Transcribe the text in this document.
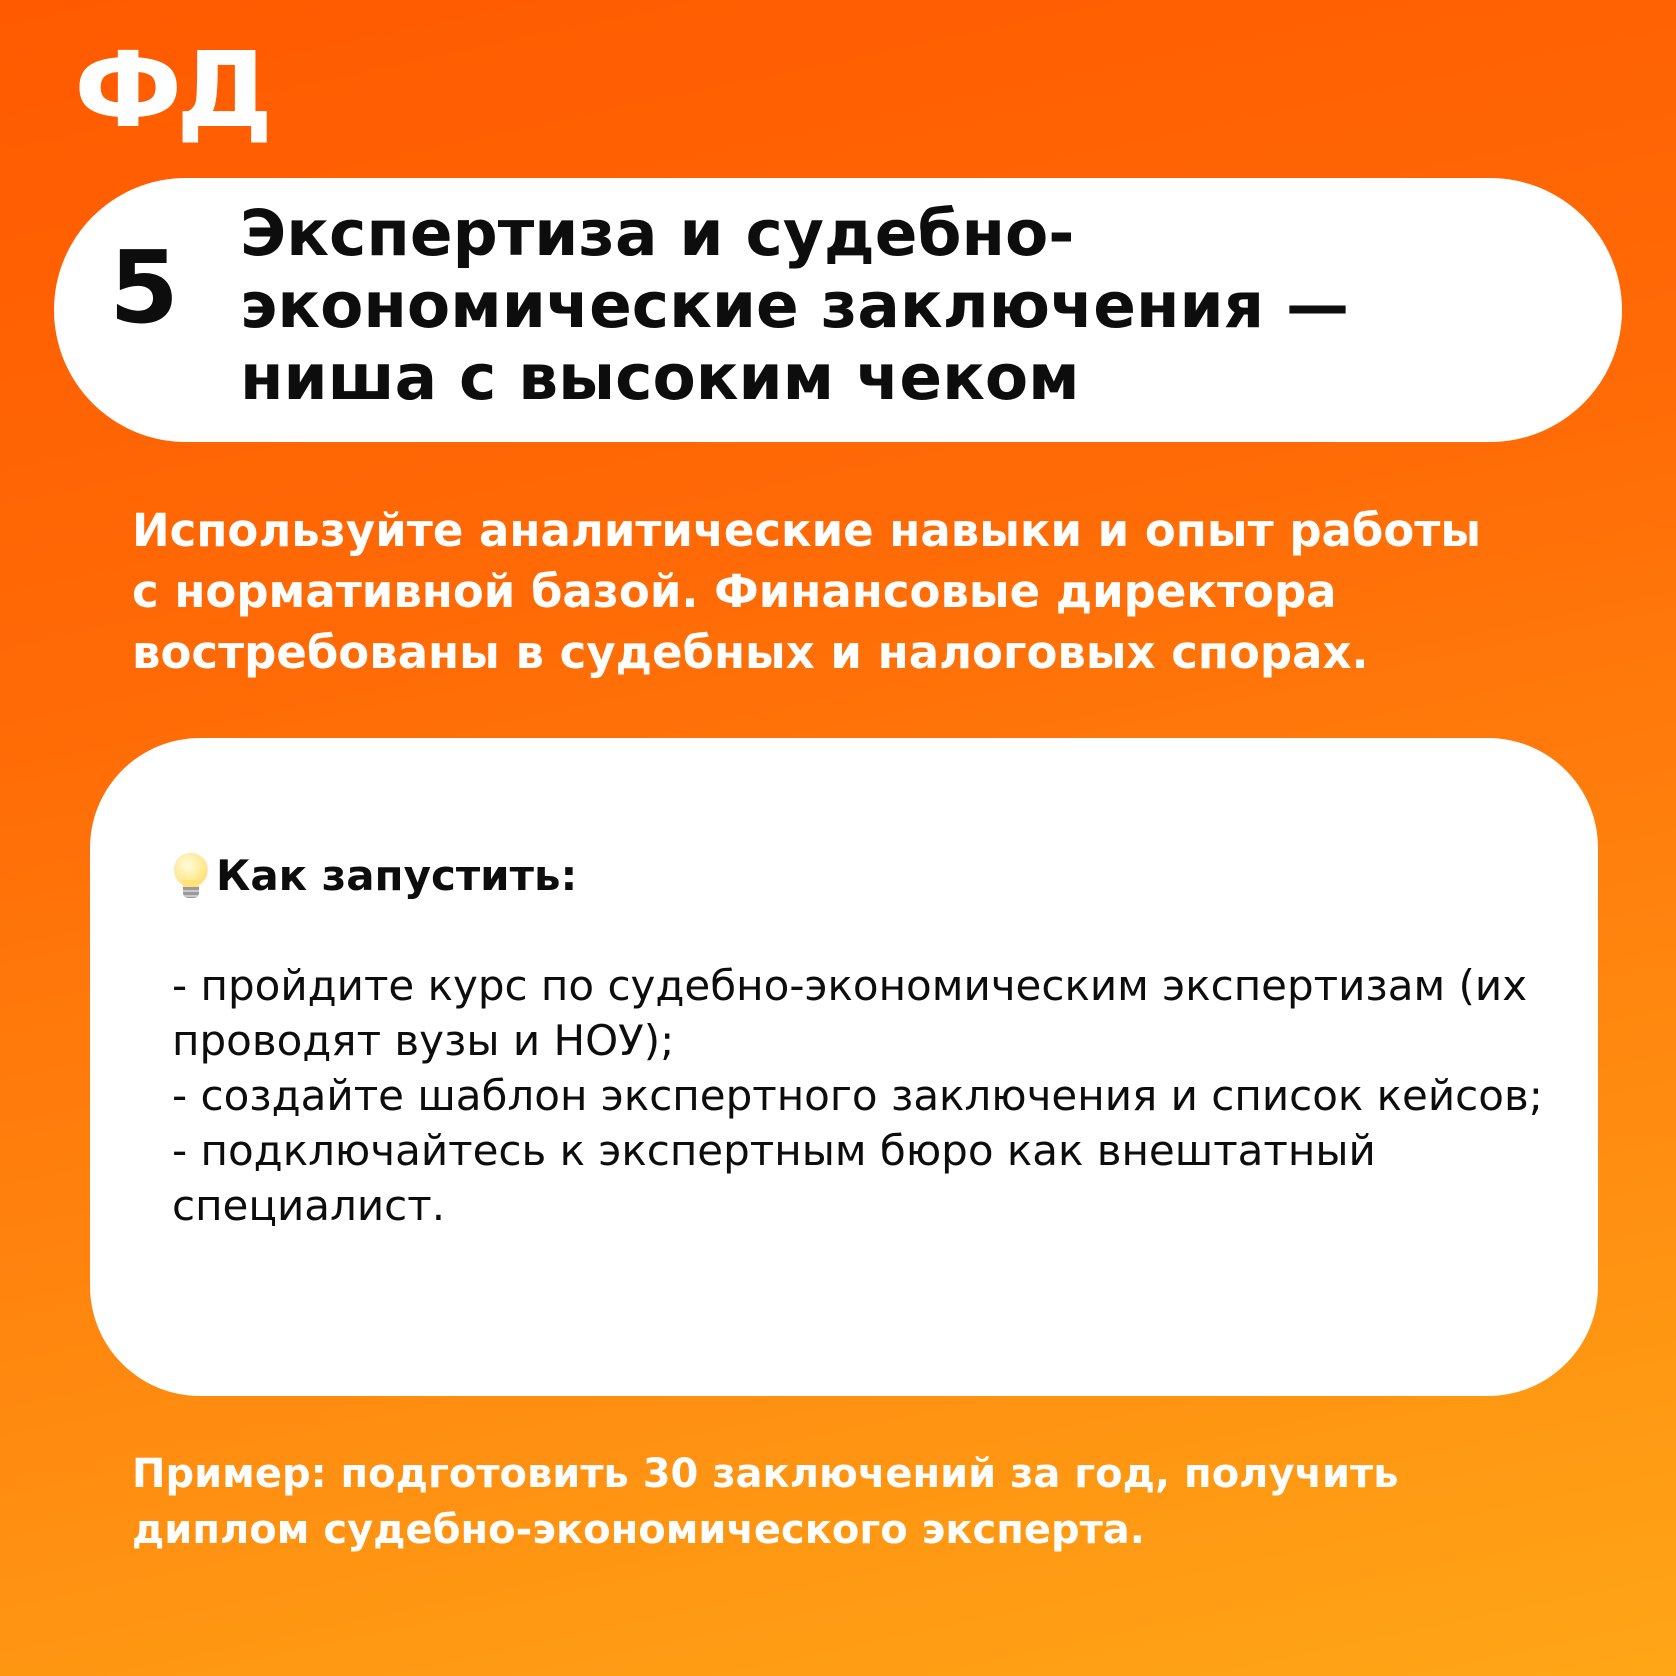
ФД
5 Экспертиза и судебно-
экономические заключения —
ниша с высоким чеком
Используйте аналитические навыки и опыт работы
с нормативной базой. Финансовые директора
востребованы в судебных и налоговых спорах.
Как запустить:
- пройдите курс по судебно-экономическим экспертизам (их проводят вузы и НОУ);
- создайте шаблон экспертного заключения и список кейсов;
- подключайтесь к экспертным бюро как внештатный специалист.
Пример: подготовить 30 заключений за год, получить
диплом судебно-экономического эксперта.
